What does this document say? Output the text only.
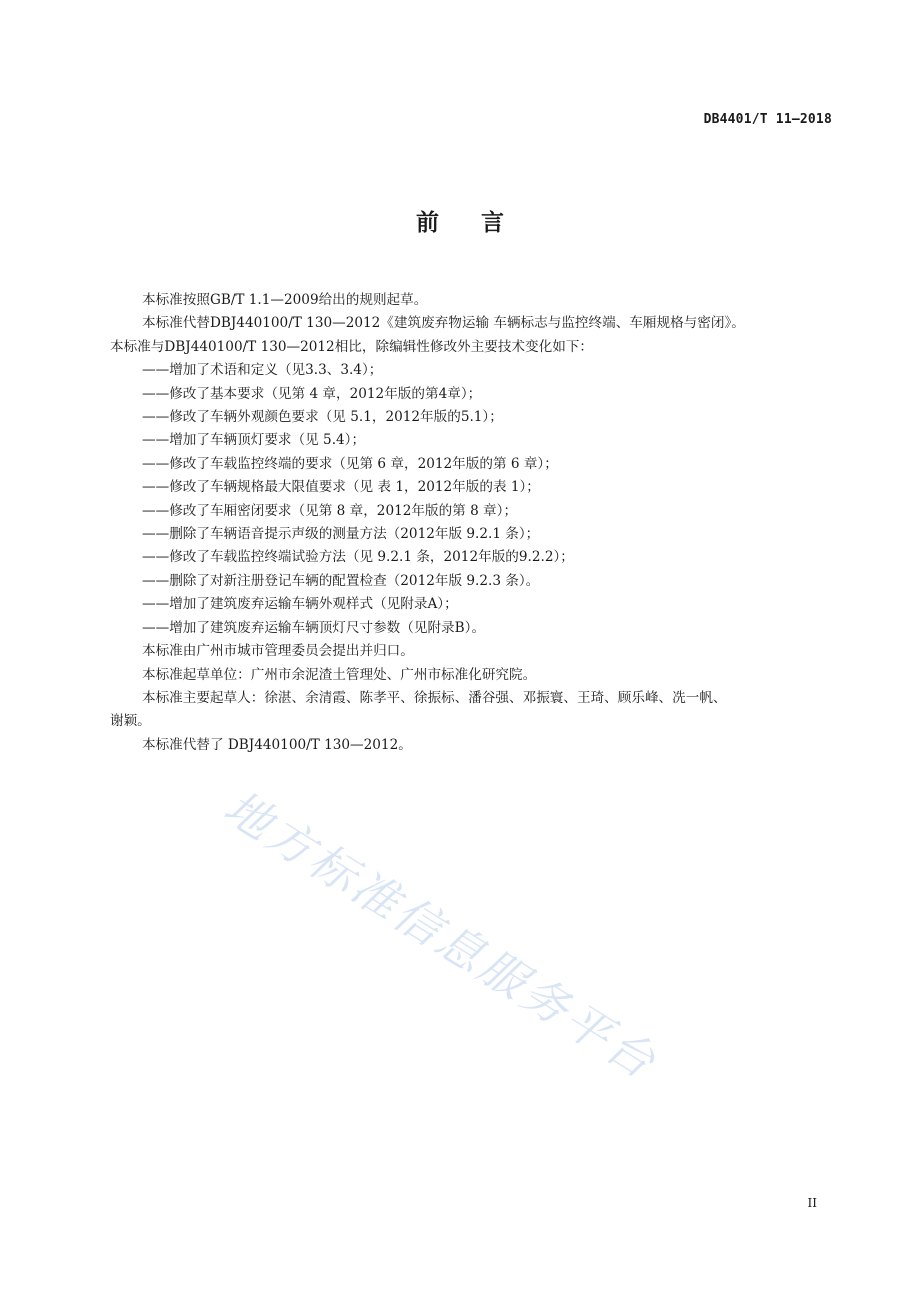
DB4401/T 11—2018
前言

本标准按照GB/T 1.1—2009给出的规则起草。

本标准代替DBJ440100/T 130—2012《建筑废弃物运输 车辆标志与监控终端、车厢规格与密闭》。

本标准与DBJ440100/T 130—2012相比，除编辑性修改外主要技术变化如下：

——增加了术语和定义（见3.3、3.4）；

——修改了基本要求（见第 4 章，2012年版的第4章）；

——修改了车辆外观颜色要求（见 5.1，2012年版的5.1）；

——增加了车辆顶灯要求（见 5.4）；

——修改了车载监控终端的要求（见第 6 章，2012年版的第 6 章）；

——修改了车辆规格最大限值要求（见 表 1，2012年版的表 1）；

——修改了车厢密闭要求（见第 8 章，2012年版的第 8 章）；

——删除了车辆语音提示声级的测量方法（2012年版 9.2.1 条）；

——修改了车载监控终端试验方法（见 9.2.1 条，2012年版的9.2.2）；

——删除了对新注册登记车辆的配置检查（2012年版 9.2.3 条）。

——增加了建筑废弃运输车辆外观样式（见附录A）；

——增加了建筑废弃运输车辆顶灯尺寸参数（见附录B）。

本标准由广州市城市管理委员会提出并归口。

本标准起草单位：广州市余泥渣土管理处、广州市标准化研究院。

本标准主要起草人：徐湛、余清霞、陈孝平、徐振标、潘谷强、邓振寰、王琦、顾乐峰、冼一帆、

谢颖。

本标准代替了 DBJ440100/T 130—2012。

地方标准信息服务平台
II
